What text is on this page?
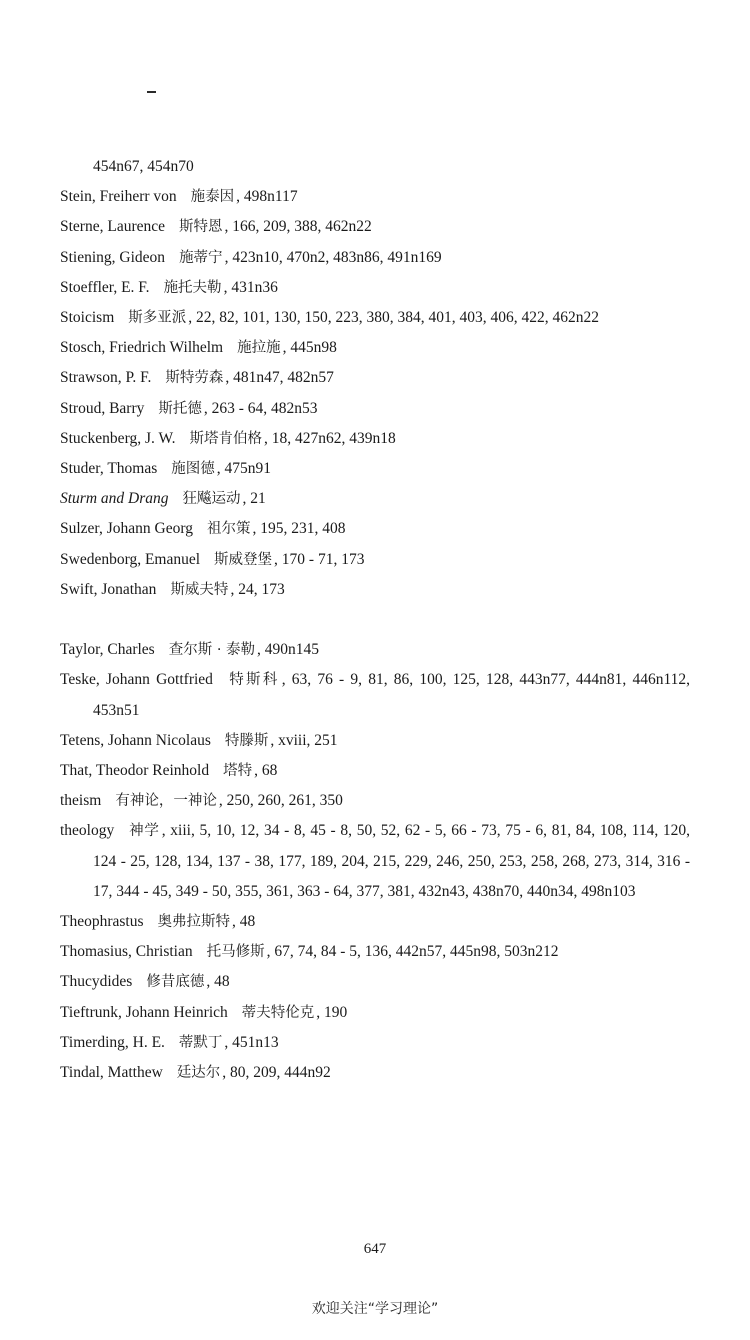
454n67, 454n70

Stein, Freiherr von 施泰因 , 498n117

Sterne, Laurence 斯特恩 , 166, 209, 388, 462n22

Stiening, Gideon 施蒂宁 , 423n10, 470n2, 483n86, 491n169

Stoeffler, E. F. 施托夫勒 , 431n36

Stoicism 斯多亚派 , 22, 82, 101, 130, 150, 223, 380, 384, 401, 403, 406, 422, 462n22

Stosch, Friedrich Wilhelm 施拉施 , 445n98

Strawson, P. F. 斯特劳森 , 481n47, 482n57

Stroud, Barry 斯托德 , 263 - 64, 482n53

Stuckenberg, J. W. 斯塔肯伯格 , 18, 427n62, 439n18

Studer, Thomas 施图德 , 475n91

Sturm and Drang 狂飚运动 , 21

Sulzer, Johann Georg 祖尔策 , 195, 231, 408

Swedenborg, Emanuel 斯威登堡 , 170 - 71, 173

Swift, Jonathan 斯威夫特 , 24, 173

Taylor, Charles 查尔斯 · 泰勒 , 490n145

Teske, Johann Gottfried 特斯科 , 63, 76 - 9, 81, 86, 100, 125, 128, 443n77, 444n81, 446n112, 453n51

Tetens, Johann Nicolaus 特滕斯 , xviii, 251

That, Theodor Reinhold 塔特 , 68

theism 有神论，一神论 , 250, 260, 261, 350

theology 神学 , xiii, 5, 10, 12, 34 - 8, 45 - 8, 50, 52, 62 - 5, 66 - 73, 75 - 6, 81, 84, 108, 114, 120, 124 - 25, 128, 134, 137 - 38, 177, 189, 204, 215, 229, 246, 250, 253, 258, 268, 273, 314, 316 - 17, 344 - 45, 349 - 50, 355, 361, 363 - 64, 377, 381, 432n43, 438n70, 440n34, 498n103

Theophrastus 奥弗拉斯特 , 48

Thomasius, Christian 托马修斯 , 67, 74, 84 - 5, 136, 442n57, 445n98, 503n212

Thucydides 修昔底德 , 48

Tieftrunk, Johann Heinrich 蒂夫特伦克 , 190

Timerding, H. E. 蒂默丁 , 451n13

Tindal, Matthew 廷达尔 , 80, 209, 444n92

647
欢迎关注“学习理论”
